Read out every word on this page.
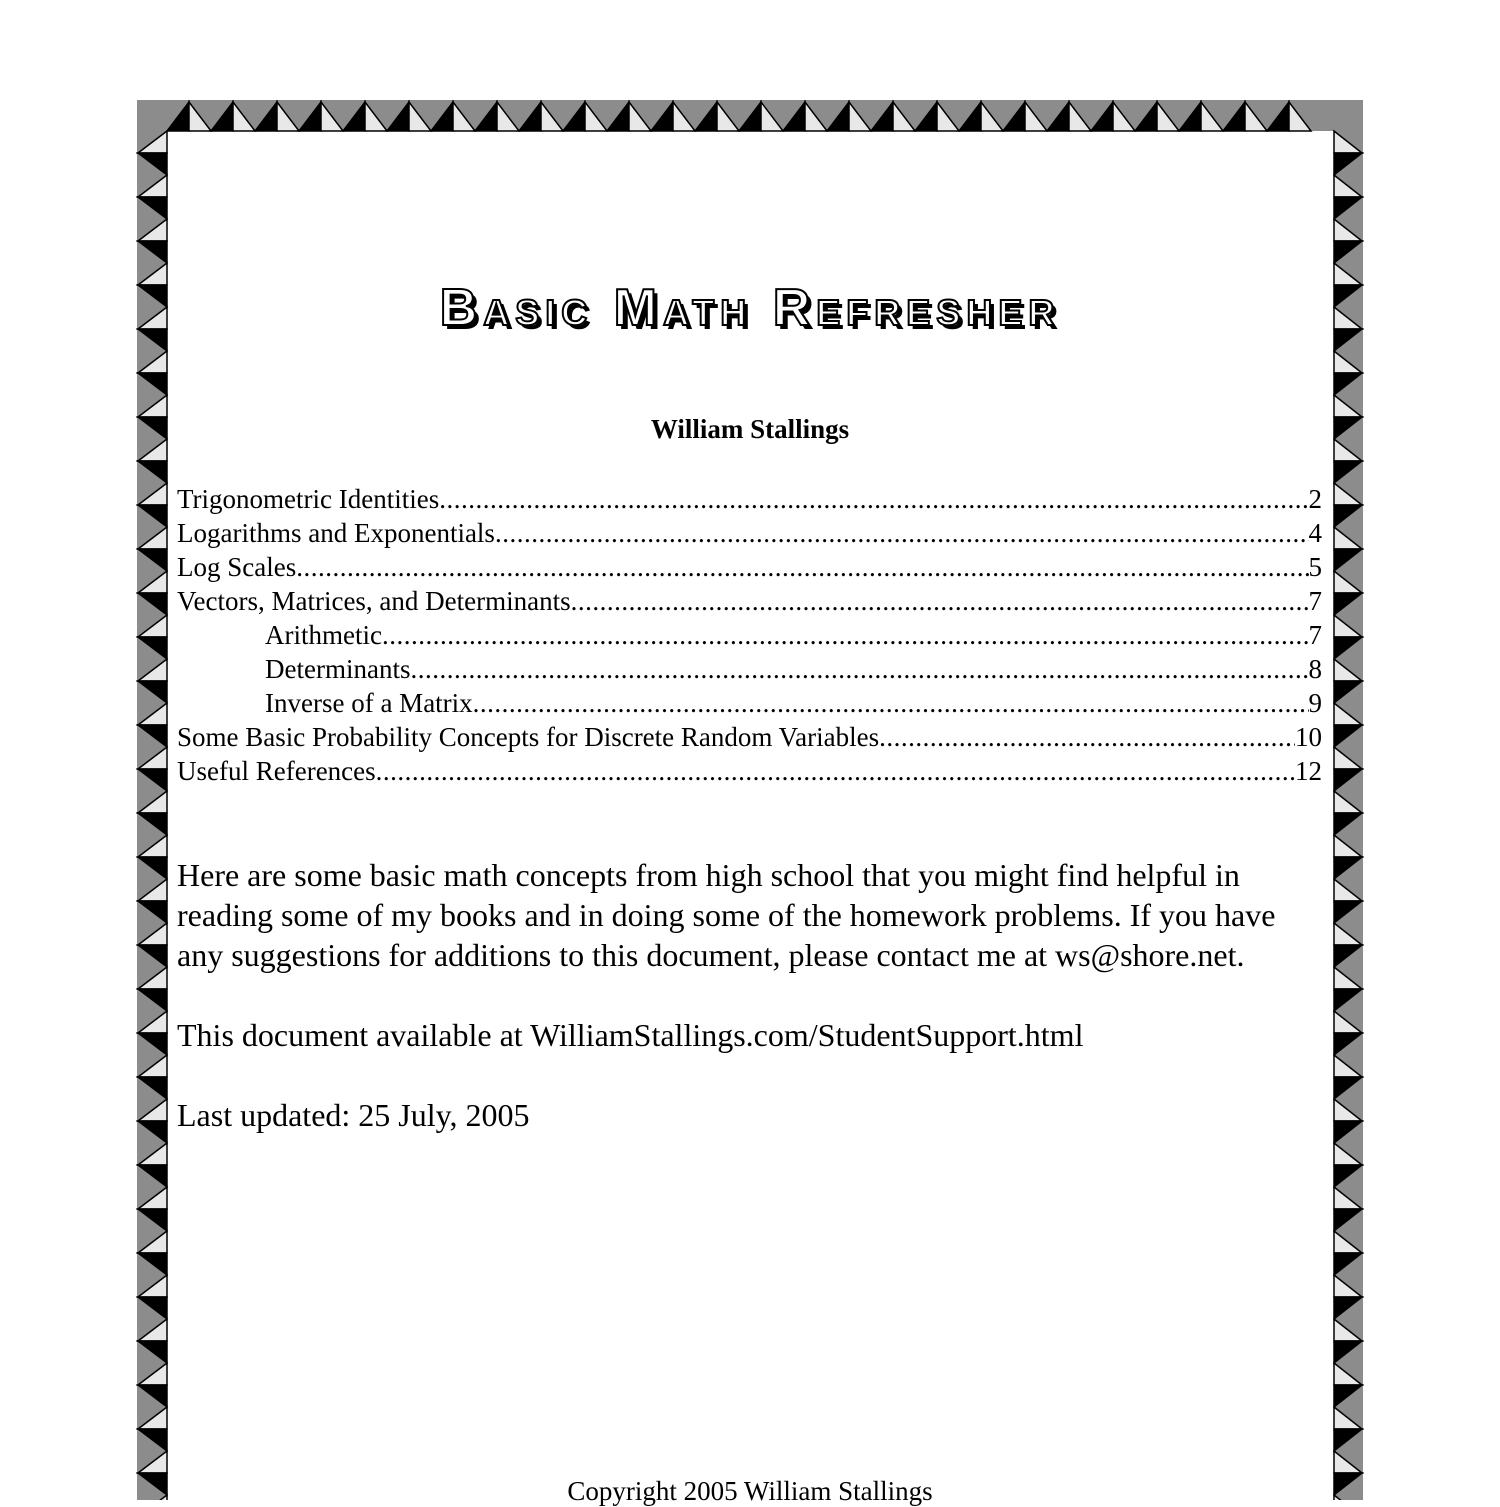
Basic Math Refresher
William Stallings
Trigonometric Identities .....	2
Logarithms and Exponentials .....	4
Log Scales .....	5
Vectors, Matrices, and Determinants .....	7
Arithmetic .....	7
Determinants .....	8
Inverse of a Matrix .....	9
Some Basic Probability Concepts for Discrete Random Variables .....	10
Useful References .....	12

Here are some basic math concepts from high school that you might find helpful in reading some of my books and in doing some of the homework problems. If you have any suggestions for additions to this document, please contact me at ws@shore.net.

This document available at WilliamStallings.com/StudentSupport.html

Last updated: 25 July, 2005

Copyright 2005 William Stallings
